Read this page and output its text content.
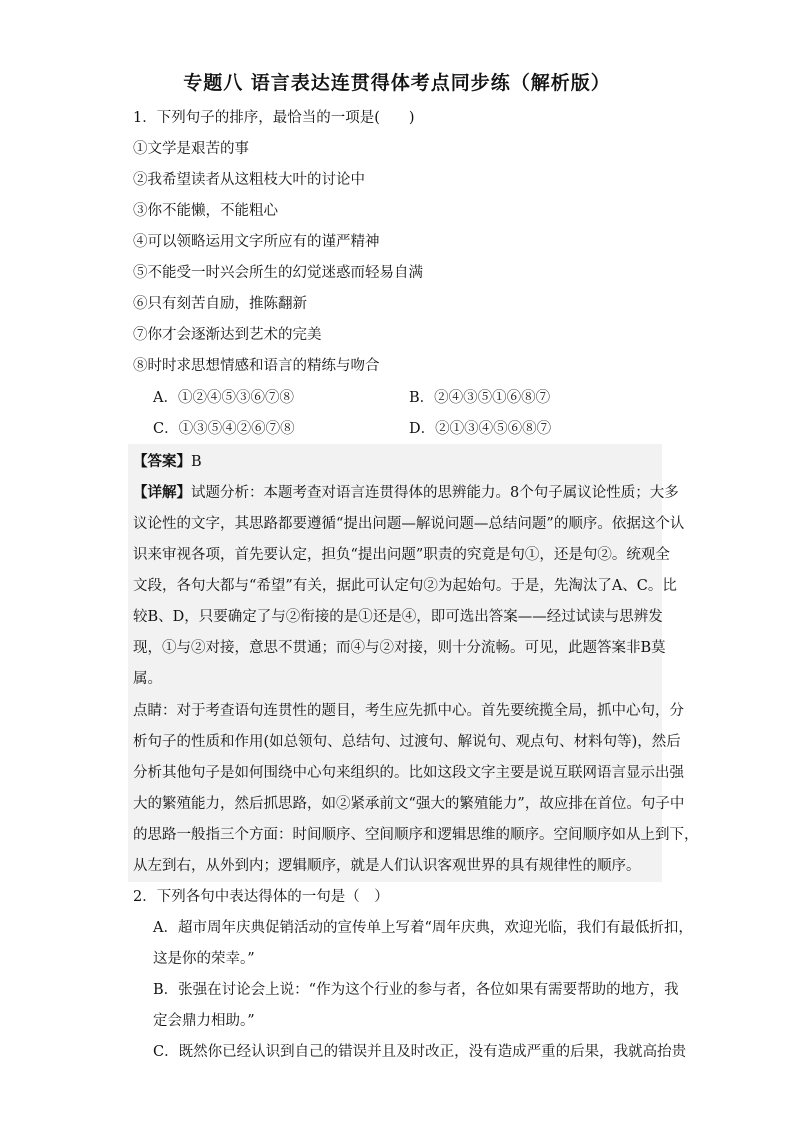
专题八 语言表达连贯得体考点同步练（解析版）
1．下列句子的排序，最恰当的一项是(　　)
①文学是艰苦的事
②我希望读者从这粗枝大叶的讨论中
③你不能懒，不能粗心
④可以领略运用文字所应有的谨严精神
⑤不能受一时兴会所生的幻觉迷惑而轻易自满
⑥只有刻苦自励，推陈翻新
⑦你才会逐渐达到艺术的完美
⑧时时求思想情感和语言的精练与吻合
A．①②④⑤③⑥⑦⑧	B．②④③⑤①⑥⑧⑦
C．①③⑤④②⑥⑦⑧	D．②①③④⑤⑥⑧⑦
【答案】B
【详解】试题分析：本题考查对语言连贯得体的思辨能力。8个句子属议论性质；大多
议论性的文字，其思路都要遵循“提出问题—解说问题—总结问题”的顺序。依据这个认
识来审视各项，首先要认定，担负“提出问题”职责的究竟是句①，还是句②。统观全
文段，各句大都与“希望”有关，据此可认定句②为起始句。于是，先淘汰了A、C。比
较B、D，只要确定了与②衔接的是①还是④，即可选出答案——经过试读与思辨发
现，①与②对接，意思不贯通；而④与②对接，则十分流畅。可见，此题答案非B莫
属。
点睛：对于考查语句连贯性的题目，考生应先抓中心。首先要统揽全局，抓中心句，分
析句子的性质和作用(如总领句、总结句、过渡句、解说句、观点句、材料句等)，然后
分析其他句子是如何围绕中心句来组织的。比如这段文字主要是说互联网语言显示出强
大的繁殖能力，然后抓思路，如②紧承前文“强大的繁殖能力”，故应排在首位。句子中
的思路一般指三个方面：时间顺序、空间顺序和逻辑思维的顺序。空间顺序如从上到下，
从左到右，从外到内；逻辑顺序，就是人们认识客观世界的具有规律性的顺序。
2．下列各句中表达得体的一句是（　）
A．超市周年庆典促销活动的宣传单上写着“周年庆典，欢迎光临，我们有最低折扣，
这是你的荣幸。”
B．张强在讨论会上说：“作为这个行业的参与者，各位如果有需要帮助的地方，我
定会鼎力相助。”
C．既然你已经认识到自己的错误并且及时改正，没有造成严重的后果，我就高抬贵
